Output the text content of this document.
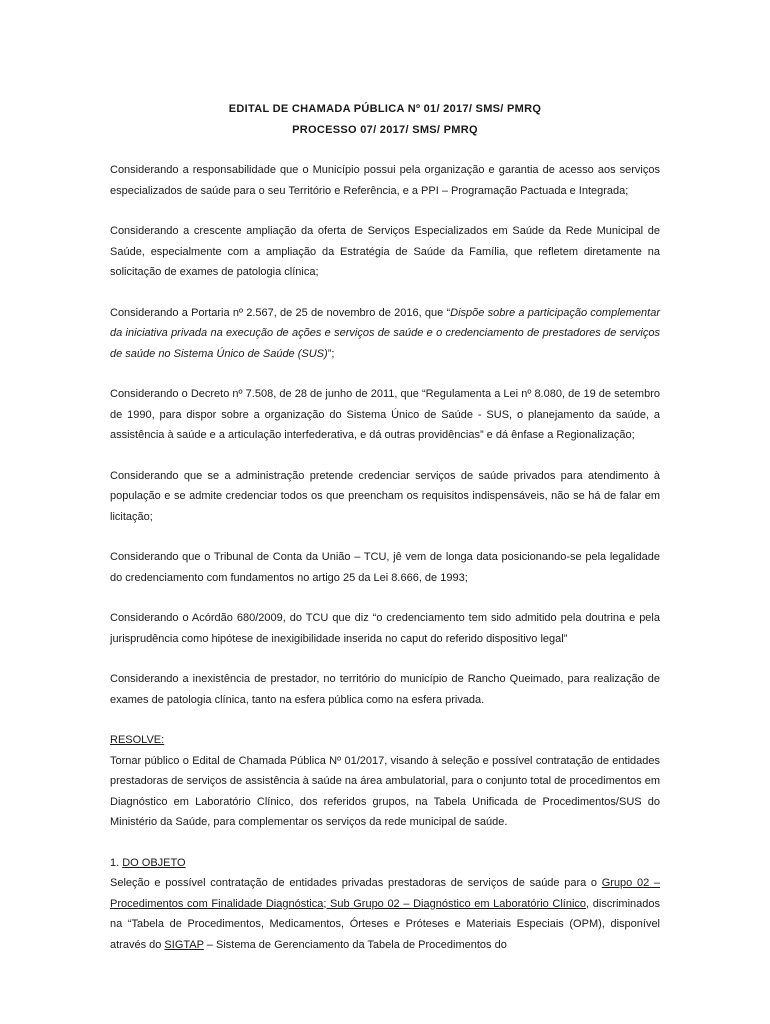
EDITAL DE CHAMADA PÚBLICA Nº 01/ 2017/ SMS/ PMRQ

PROCESSO 07/ 2017/ SMS/ PMRQ

Considerando a responsabilidade que o Município possui pela organização e garantia de acesso aos serviços especializados de saúde para o seu Território e Referência, e a PPI – Programação Pactuada e Integrada;

Considerando a crescente ampliação da oferta de Serviços Especializados em Saúde da Rede Municipal de Saúde, especialmente com a ampliação da Estratégia de Saúde da Família, que refletem diretamente na solicitação de exames de patologia clínica;

Considerando a Portaria nº 2.567, de 25 de novembro de 2016, que “Dispõe sobre a participação complementar da iniciativa privada na execução de ações e serviços de saúde e o credenciamento de prestadores de serviços de saúde no Sistema Único de Saúde (SUS)”;

Considerando o Decreto nº 7.508, de 28 de junho de 2011, que “Regulamenta a Lei nº 8.080, de 19 de setembro de 1990, para dispor sobre a organização do Sistema Único de Saúde - SUS, o planejamento da saúde, a assistência à saúde e a articulação interfederativa, e dá outras providências” e dá ênfase a Regionalização;

Considerando que se a administração pretende credenciar serviços de saúde privados para atendimento à população e se admite credenciar todos os que preencham os requisitos indispensáveis, não se há de falar em licitação;

Considerando que o Tribunal de Conta da União – TCU, jê vem de longa data posicionando-se pela legalidade do credenciamento com fundamentos no artigo 25 da Lei 8.666, de 1993;

Considerando o Acórdão 680/2009, do TCU que diz “o credenciamento tem sido admitido pela doutrina e pela jurisprudência como hipótese de inexigibilidade inserida no caput do referido dispositivo legal”

Considerando a inexistência de prestador, no território do município de Rancho Queimado, para realização de exames de patologia clínica, tanto na esfera pública como na esfera privada.

RESOLVE:

Tornar público o Edital de Chamada Pública Nº 01/2017, visando à seleção e possível contratação de entidades prestadoras de serviços de assistência à saúde na área ambulatorial, para o conjunto total de procedimentos em Diagnóstico em Laboratório Clínico, dos referidos grupos, na Tabela Unificada de Procedimentos/SUS do Ministério da Saúde, para complementar os serviços da rede municipal de saúde.

1. DO OBJETO

Seleção e possível contratação de entidades privadas prestadoras de serviços de saúde para o Grupo 02 – Procedimentos com Finalidade Diagnóstica; Sub Grupo 02 – Diagnóstico em Laboratório Clínico, discriminados na “Tabela de Procedimentos, Medicamentos, Órteses e Próteses e Materiais Especiais (OPM), disponível através do SIGTAP – Sistema de Gerenciamento da Tabela de Procedimentos do
